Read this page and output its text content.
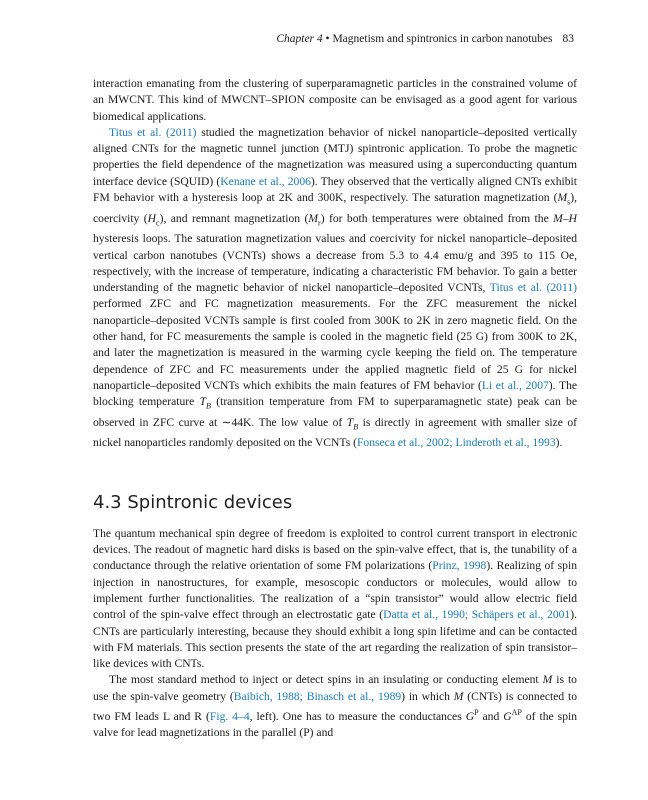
Chapter 4 • Magnetism and spintronics in carbon nanotubes 83

interaction emanating from the clustering of superparamagnetic particles in the constrained volume of an MWCNT. This kind of MWCNT–SPION composite can be envisaged as a good agent for various biomedical applications.

Titus et al. (2011) studied the magnetization behavior of nickel nanoparticle–deposited vertically aligned CNTs for the magnetic tunnel junction (MTJ) spintronic application. To probe the magnetic properties the field dependence of the magnetization was measured using a superconducting quantum interface device (SQUID) (Kenane et al., 2006). They observed that the vertically aligned CNTs exhibit FM behavior with a hysteresis loop at 2K and 300K, respectively. The saturation magnetization $(M_s)$, coercivity $(H_c)$, and remnant magnetization $(M_r)$ for both temperatures were obtained from the M–H hysteresis loops. The saturation magnetization values and coercivity for nickel nanoparticle–deposited vertical carbon nanotubes (VCNTs) shows a decrease from 5.3 to 4.4 emu/g and 395 to 115 Oe, respectively, with the increase of temperature, indicating a characteristic FM behavior. To gain a better understanding of the magnetic behavior of nickel nanoparticle–deposited VCNTs, Titus et al. (2011) performed ZFC and FC magnetization measurements. For the ZFC measurement the nickel nanoparticle–deposited VCNTs sample is first cooled from 300K to 2K in zero magnetic field. On the other hand, for FC measurements the sample is cooled in the magnetic field (25 G) from 300K to 2K, and later the magnetization is measured in the warming cycle keeping the field on. The temperature dependence of ZFC and FC measurements under the applied magnetic field of 25 G for nickel nanoparticle–deposited VCNTs which exhibits the main features of FM behavior (Li et al., 2007). The blocking temperature $T_B$ (transition temperature from FM to superparamagnetic state) peak can be observed in ZFC curve at ∼44K. The low value of $T_B$ is directly in agreement with smaller size of nickel nanoparticles randomly deposited on the VCNTs (Fonseca et al., 2002; Linderoth et al., 1993).

4.3 Spintronic devices

The quantum mechanical spin degree of freedom is exploited to control current transport in electronic devices. The readout of magnetic hard disks is based on the spin-valve effect, that is, the tunability of a conductance through the relative orientation of some FM polarizations (Prinz, 1998). Realizing of spin injection in nanostructures, for example, mesoscopic conductors or molecules, would allow to implement further functionalities. The realization of a “spin transistor” would allow electric field control of the spin-valve effect through an electrostatic gate (Datta et al., 1990; Schäpers et al., 2001). CNTs are particularly interesting, because they should exhibit a long spin lifetime and can be contacted with FM materials. This section presents the state of the art regarding the realization of spin transistor–like devices with CNTs.

The most standard method to inject or detect spins in an insulating or conducting element M is to use the spin-valve geometry (Baibich, 1988; Binasch et al., 1989) in which M (CNTs) is connected to two FM leads L and R (Fig. 4–4, left). One has to measure the conductances $G^P$ and $G^{AP}$ of the spin valve for lead magnetizations in the parallel (P) and
